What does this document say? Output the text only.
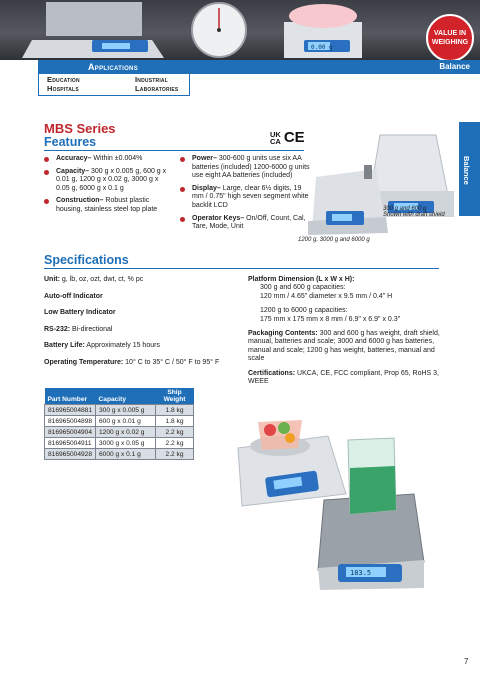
0.00 g
VALUE IN
WEIGHING
Applications	Balance
Education	Industrial
Hospitals	Laboratories
Balance
MBS Series
Features
UK
CA CE
Accuracy– Within ±0.004%
Capacity– 300 g x 0.005 g, 600 g x 0.01 g, 1200 g x 0.02 g, 3000 g x 0.05 g, 6000 g x 0.1 g
Construction– Robust plastic housing, stainless steel top plate
Power– 300-600 g units use six AA batteries (included) 1200-6000 g units use eight AA batteries (included)
Display– Large, clear 6½ digits, 19 mm / 0.75" high seven segment white backlit LCD
Operator Keys– On/Off, Count, Cal, Tare, Mode, Unit
300 g and 600 g
Shown with draft shield
1200 g, 3000 g and 6000 g
Specifications

Unit: g, lb, oz, ozt, dwt, ct, % pc

Auto-off Indicator

Low Battery Indicator

RS-232: Bi-directional

Battery Life: Approximately 15 hours

Operating Temperature: 10° C to 35° C / 50° F to 95° F

Platform Dimension (L x W x H):
300 g and 600 g capacities:
120 mm / 4.65" diameter x 9.5 mm / 0.4" H

1200 g to 6000 g capacities:
175 mm x 175 mm x 8 mm / 6.9" x 6.9" x 0.3"

Packaging Contents: 300 and 600 g has weight, draft shield, manual, batteries and scale; 3000 and 6000 g has batteries, manual and scale; 1200 g has weight, batteries, manual and scale

Certifications: UKCA, CE, FCC compliant, Prop 65, RoHS 3, WEEE

Part Number	Capacity	Ship Weight
816965004881	300 g x 0.005 g	1.8 kg
816965004898	600 g x 0.01 g	1.8 kg
816965004904	1200 g x 0.02 g	2.2 kg
816965004911	3000 g x 0.05 g	2.2 kg
816965004928	6000 g x 0.1 g	2.2 kg
183.5
7
